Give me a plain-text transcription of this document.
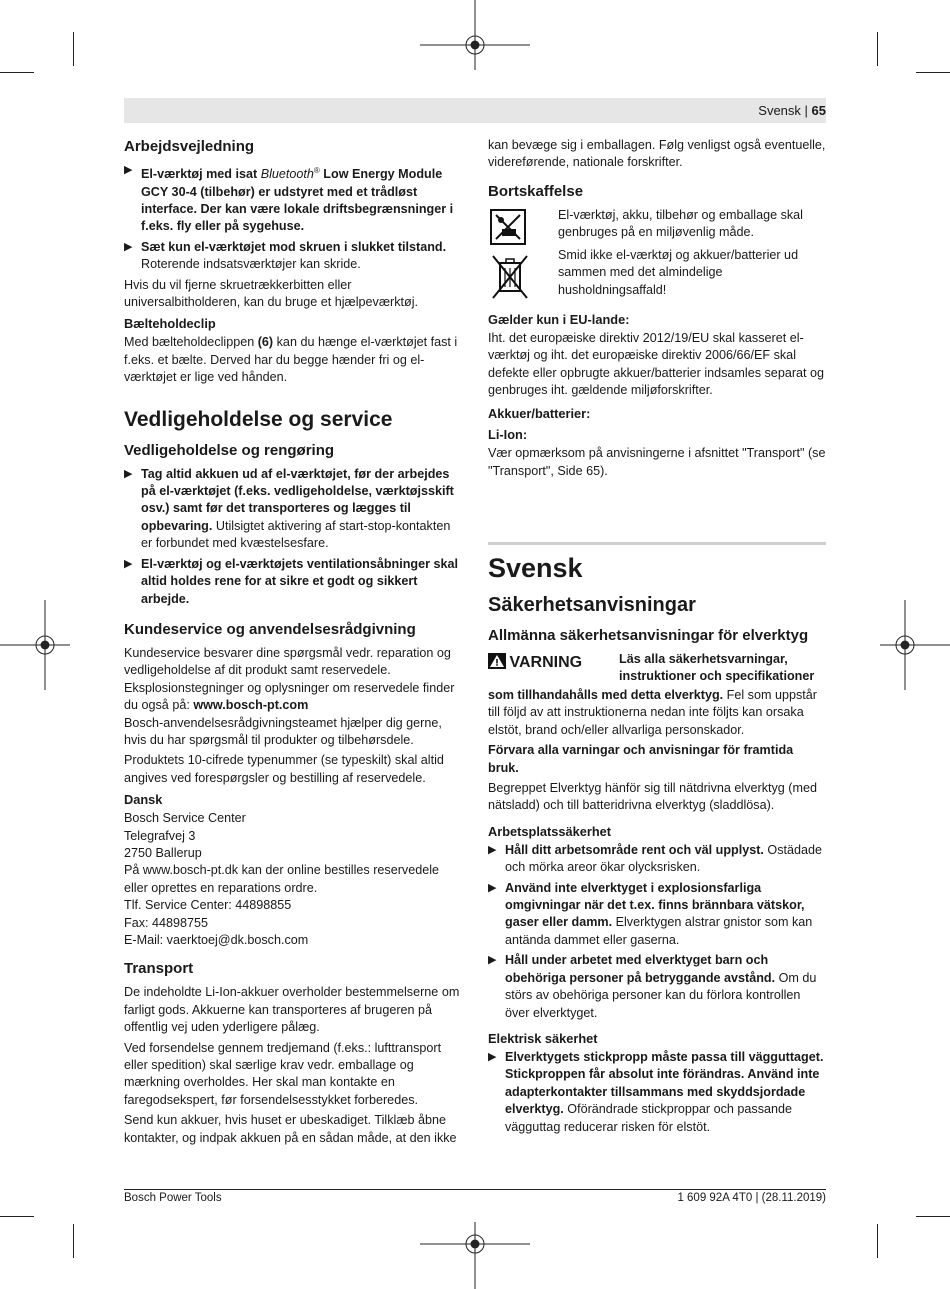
Svensk | 65
Arbejdsvejledning
▶ El-værktøj med isat Bluetooth® Low Energy Module GCY 30-4 (tilbehør) er udstyret med et trådløst interface. Der kan være lokale driftsbegrænsninger i f.eks. fly eller på sygehuse.
▶ Sæt kun el-værktøjet mod skruen i slukket tilstand. Roterende indsatsværktøjer kan skride.

Hvis du vil fjerne skruetrækkerbitten eller universalbitholderen, kan du bruge et hjælpeværktøj.

Bælteholdeclip

Med bælteholdeclippen (6) kan du hænge el-værktøjet fast i f.eks. et bælte. Derved har du begge hænder fri og el-værktøjet er lige ved hånden.

Vedligeholdelse og service
Vedligeholdelse og rengøring
▶ Tag altid akkuen ud af el-værktøjet, før der arbejdes på el-værktøjet (f.eks. vedligeholdelse, værktøjsskift osv.) samt før det transporteres og lægges til opbevaring. Utilsigtet aktivering af start-stop-kontakten er forbundet med kvæstelsesfare.
▶ El-værktøj og el-værktøjets ventilationsåbninger skal altid holdes rene for at sikre et godt og sikkert arbejde.
Kundeservice og anvendelsesrådgivning

Kundeservice besvarer dine spørgsmål vedr. reparation og vedligeholdelse af dit produkt samt reservedele. Eksplosionstegninger og oplysninger om reservedele finder du også på: www.bosch-pt.com
Bosch-anvendelsesrådgivningsteamet hjælper dig gerne, hvis du har spørgsmål til produkter og tilbehørsdele.

Produktets 10-cifrede typenummer (se typeskilt) skal altid angives ved forespørgsler og bestilling af reservedele.

Dansk
Bosch Service Center
Telegrafvej 3
2750 Ballerup
På www.bosch-pt.dk kan der online bestilles reservedele eller oprettes en reparations ordre.
Tlf. Service Center: 44898855
Fax: 44898755
E-Mail: vaerktoej@dk.bosch.com
Transport

De indeholdte Li-Ion-akkuer overholder bestemmelserne om farligt gods. Akkuerne kan transporteres af brugeren på offentlig vej uden yderligere pålæg.

Ved forsendelse gennem tredjemand (f.eks.: lufttransport eller spedition) skal særlige krav vedr. emballage og mærkning overholdes. Her skal man kontakte en faregodsekspert, før forsendelsesstykket forberedes.

Send kun akkuer, hvis huset er ubeskadiget. Tilklæb åbne kontakter, og indpak akkuen på en sådan måde, at den ikke

kan bevæge sig i emballagen. Følg venligst også eventuelle, videreførende, nationale forskrifter.

Bortskaffelse
El-værktøj, akku, tilbehør og emballage skal genbruges på en miljøvenlig måde.
Smid ikke el-værktøj og akkuer/batterier ud sammen med det almindelige husholdningsaffald!
Gælder kun i EU-lande:

Iht. det europæiske direktiv 2012/19/EU skal kasseret el-værktøj og iht. det europæiske direktiv 2006/66/EF skal defekte eller opbrugte akkuer/batterier indsamles separat og genbruges iht. gældende miljøforskrifter.

Akkuer/batterier:
Li-Ion:

Vær opmærksom på anvisningerne i afsnittet "Transport" (se "Transport", Side 65).

Svensk
Säkerhetsanvisningar
Allmänna säkerhetsanvisningar för elverktyg
VARNING	Läs alla säkerhetsvarningar, instruktioner och specifikationer

som tillhandahålls med detta elverktyg. Fel som uppstår till följd av att instruktionerna nedan inte följts kan orsaka elstöt, brand och/eller allvarliga personskador.

Förvara alla varningar och anvisningar för framtida bruk.

Begreppet Elverktyg hänför sig till nätdrivna elverktyg (med nätsladd) och till batteridrivna elverktyg (sladdlösa).

Arbetsplatssäkerhet
▶ Håll ditt arbetsområde rent och väl upplyst. Ostädade och mörka areor ökar olycksrisken.
▶ Använd inte elverktyget i explosionsfarliga omgivningar när det t.ex. finns brännbara vätskor, gaser eller damm. Elverktygen alstrar gnistor som kan antända dammet eller gaserna.
▶ Håll under arbetet med elverktyget barn och obehöriga personer på betryggande avstånd. Om du störs av obehöriga personer kan du förlora kontrollen över elverktyget.
Elektrisk säkerhet
▶ Elverktygets stickpropp måste passa till vägguttaget. Stickproppen får absolut inte förändras. Använd inte adapterkontakter tillsammans med skyddsjordade elverktyg. Oförändrade stickproppar och passande vägguttag reducerar risken för elstöt.
Bosch Power Tools	1 609 92A 4T0 | (28.11.2019)
